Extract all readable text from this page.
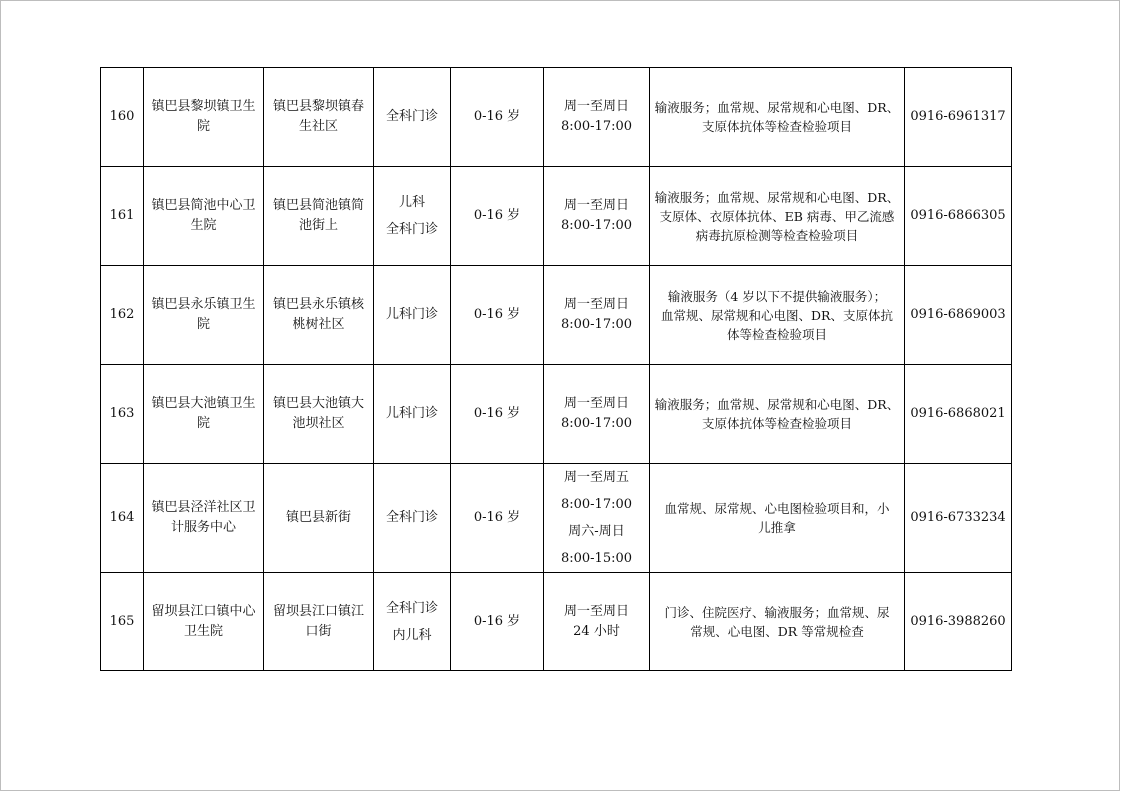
160	镇巴县黎坝镇卫生
院	镇巴县黎坝镇春
生社区	全科门诊	0-16 岁	周一至周日
8:00-17:00	输液服务；血常规、尿常规和心电图、DR、
支原体抗体等检查检验项目	0916-6961317
161	镇巴县简池中心卫
生院	镇巴县简池镇简
池街上	儿科
全科门诊	0-16 岁	周一至周日
8:00-17:00	输液服务；血常规、尿常规和心电图、DR、
支原体、衣原体抗体、EB 病毒、甲乙流感
病毒抗原检测等检查检验项目	0916-6866305
162	镇巴县永乐镇卫生
院	镇巴县永乐镇核
桃树社区	儿科门诊	0-16 岁	周一至周日
8:00-17:00	输液服务（4 岁以下不提供输液服务）；
血常规、尿常规和心电图、DR、支原体抗
体等检查检验项目	0916-6869003
163	镇巴县大池镇卫生
院	镇巴县大池镇大
池坝社区	儿科门诊	0-16 岁	周一至周日
8:00-17:00	输液服务；血常规、尿常规和心电图、DR、
支原体抗体等检查检验项目	0916-6868021
164	镇巴县泾洋社区卫
计服务中心	镇巴县新街	全科门诊	0-16 岁	周一至周五
8:00-17:00
周六-周日
8:00-15:00	血常规、尿常规、心电图检验项目和，小
儿推拿	0916-6733234
165	留坝县江口镇中心
卫生院	留坝县江口镇江
口街	全科门诊
内儿科	0-16 岁	周一至周日
24 小时	门诊、住院医疗、输液服务；血常规、尿
常规、心电图、DR 等常规检查	0916-3988260
